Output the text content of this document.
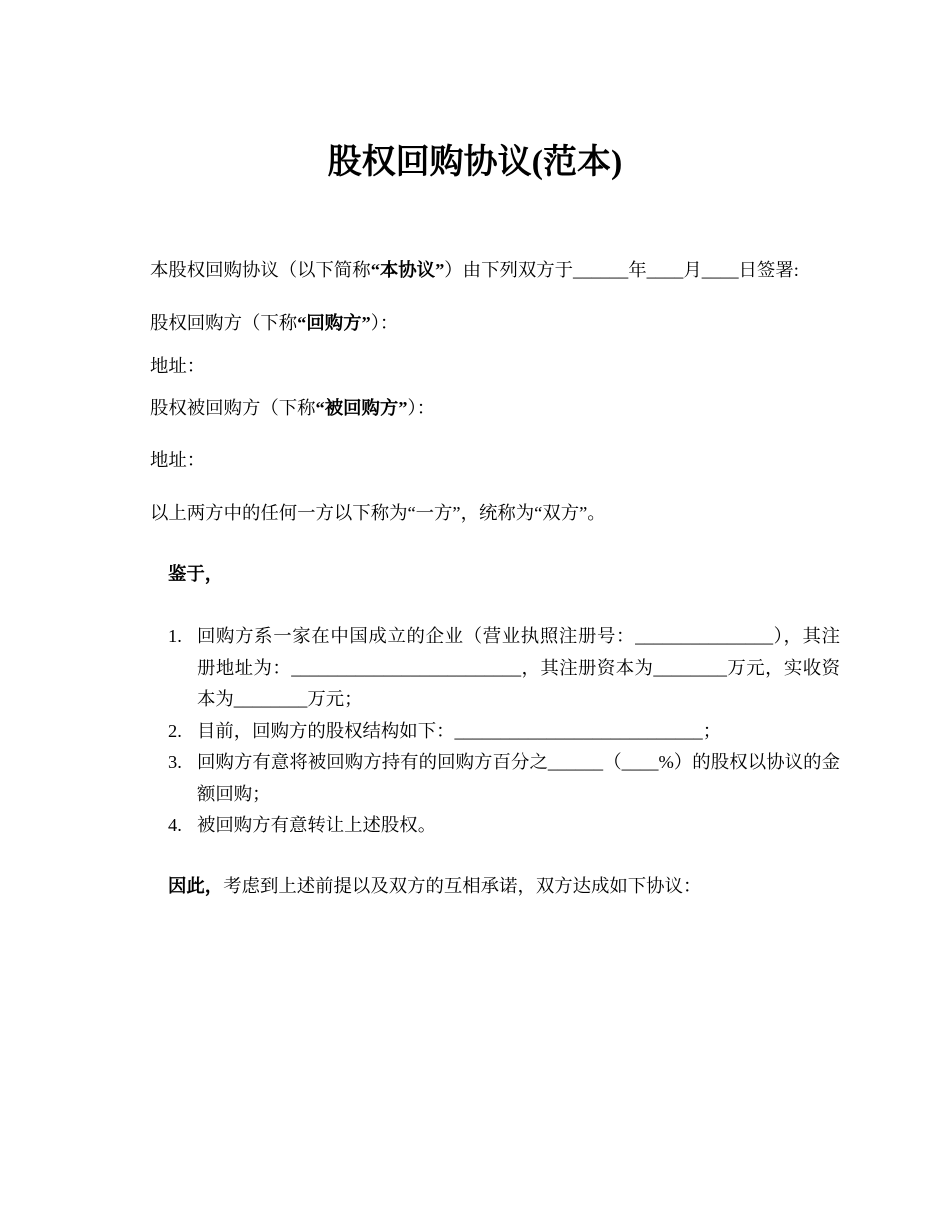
股权回购协议(范本)

本股权回购协议（以下简称“本协议”）由下列双方于______年____月____日签署:

股权回购方（下称“回购方”）：

地址：

股权被回购方（下称“被回购方”）：

地址：

以上两方中的任何一方以下称为“一方”，统称为“双方”。

鉴于，

1. 回购方系一家在中国成立的企业（营业执照注册号：_______________），其注册地址为：_________________________，其注册资本为________万元，实收资本为________万元；
2. 目前，回购方的股权结构如下：___________________________；
3. 回购方有意将被回购方持有的回购方百分之______（____%）的股权以协议的金额回购；
4. 被回购方有意转让上述股权。

因此，考虑到上述前提以及双方的互相承诺，双方达成如下协议：
